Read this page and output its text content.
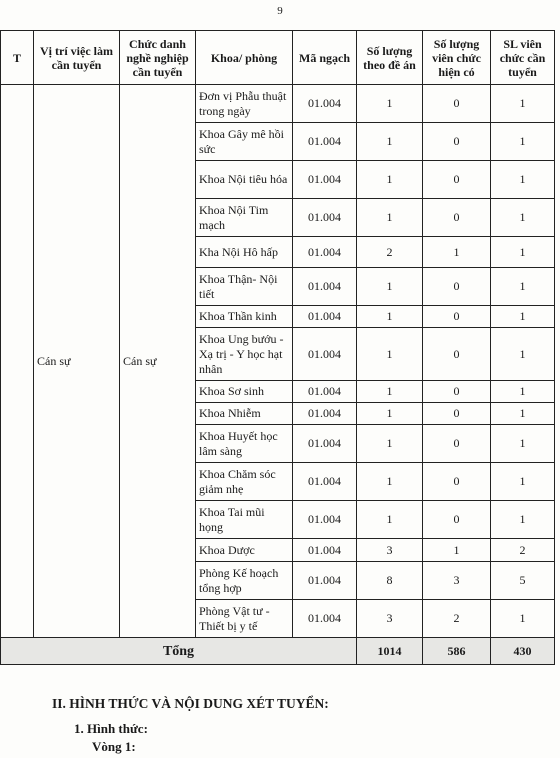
9
T	Vị trí việc làm cần tuyển	Chức danh nghề nghiệp cần tuyển	Khoa/ phòng	Mã ngạch	Số lượng theo đề án	Số lượng viên chức hiện có	SL viên chức cần tuyển
	Cán sự	Cán sự	Đơn vị Phẫu thuật trong ngày	01.004	1	0	1
			Khoa Gây mê hồi sức	01.004	1	0	1
			Khoa Nội tiêu hóa	01.004	1	0	1
			Khoa Nội Tim mạch	01.004	1	0	1
			Kha Nội Hô hấp	01.004	2	1	1
			Khoa Thận- Nội tiết	01.004	1	0	1
			Khoa Thần kinh	01.004	1	0	1
			Khoa Ung bướu - Xạ trị - Y học hạt nhân	01.004	1	0	1
			Khoa Sơ sinh	01.004	1	0	1
			Khoa Nhiễm	01.004	1	0	1
			Khoa Huyết học lâm sàng	01.004	1	0	1
			Khoa Chăm sóc giảm nhẹ	01.004	1	0	1
			Khoa Tai mũi họng	01.004	1	0	1
			Khoa Dược	01.004	3	1	2
			Phòng Kế hoạch tổng hợp	01.004	8	3	5
			Phòng Vật tư - Thiết bị y tế	01.004	3	2	1
Tổng					1014	586	430
II. HÌNH THỨC VÀ NỘI DUNG XÉT TUYỂN:
1. Hình thức:
Vòng 1:
